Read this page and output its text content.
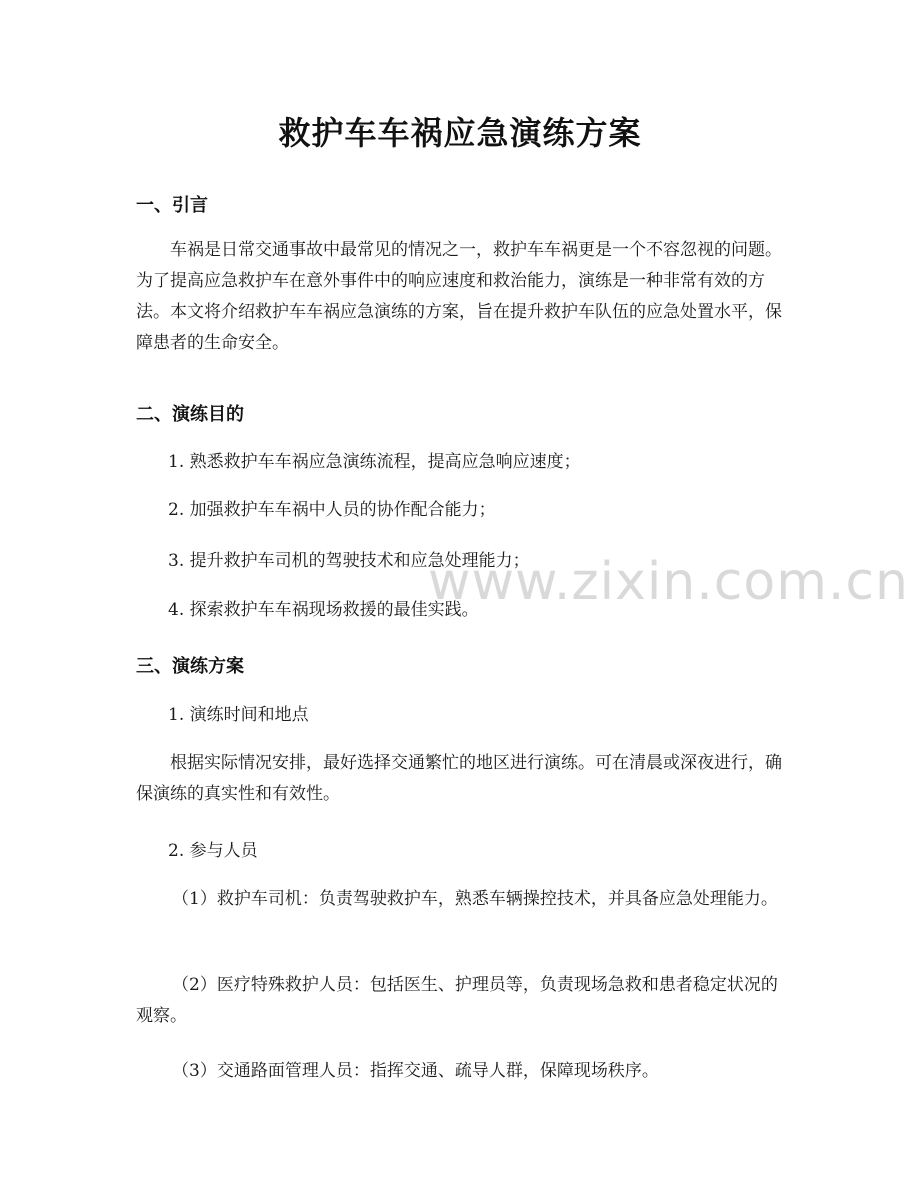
救护车车祸应急演练方案
一、引言
车祸是日常交通事故中最常见的情况之一，救护车车祸更是一个不容忽视的问题。为了提高应急救护车在意外事件中的响应速度和救治能力，演练是一种非常有效的方法。本文将介绍救护车车祸应急演练的方案，旨在提升救护车队伍的应急处置水平，保障患者的生命安全。
二、演练目的
1. 熟悉救护车车祸应急演练流程，提高应急响应速度；
2. 加强救护车车祸中人员的协作配合能力；
3. 提升救护车司机的驾驶技术和应急处理能力；
4. 探索救护车车祸现场救援的最佳实践。
三、演练方案
1. 演练时间和地点
根据实际情况安排，最好选择交通繁忙的地区进行演练。可在清晨或深夜进行，确保演练的真实性和有效性。
2. 参与人员
（1）救护车司机：负责驾驶救护车，熟悉车辆操控技术，并具备应急处理能力。
（2）医疗特殊救护人员：包括医生、护理员等，负责现场急救和患者稳定状况的观察。
（3）交通路面管理人员：指挥交通、疏导人群，保障现场秩序。
www.zixin.com.cn
